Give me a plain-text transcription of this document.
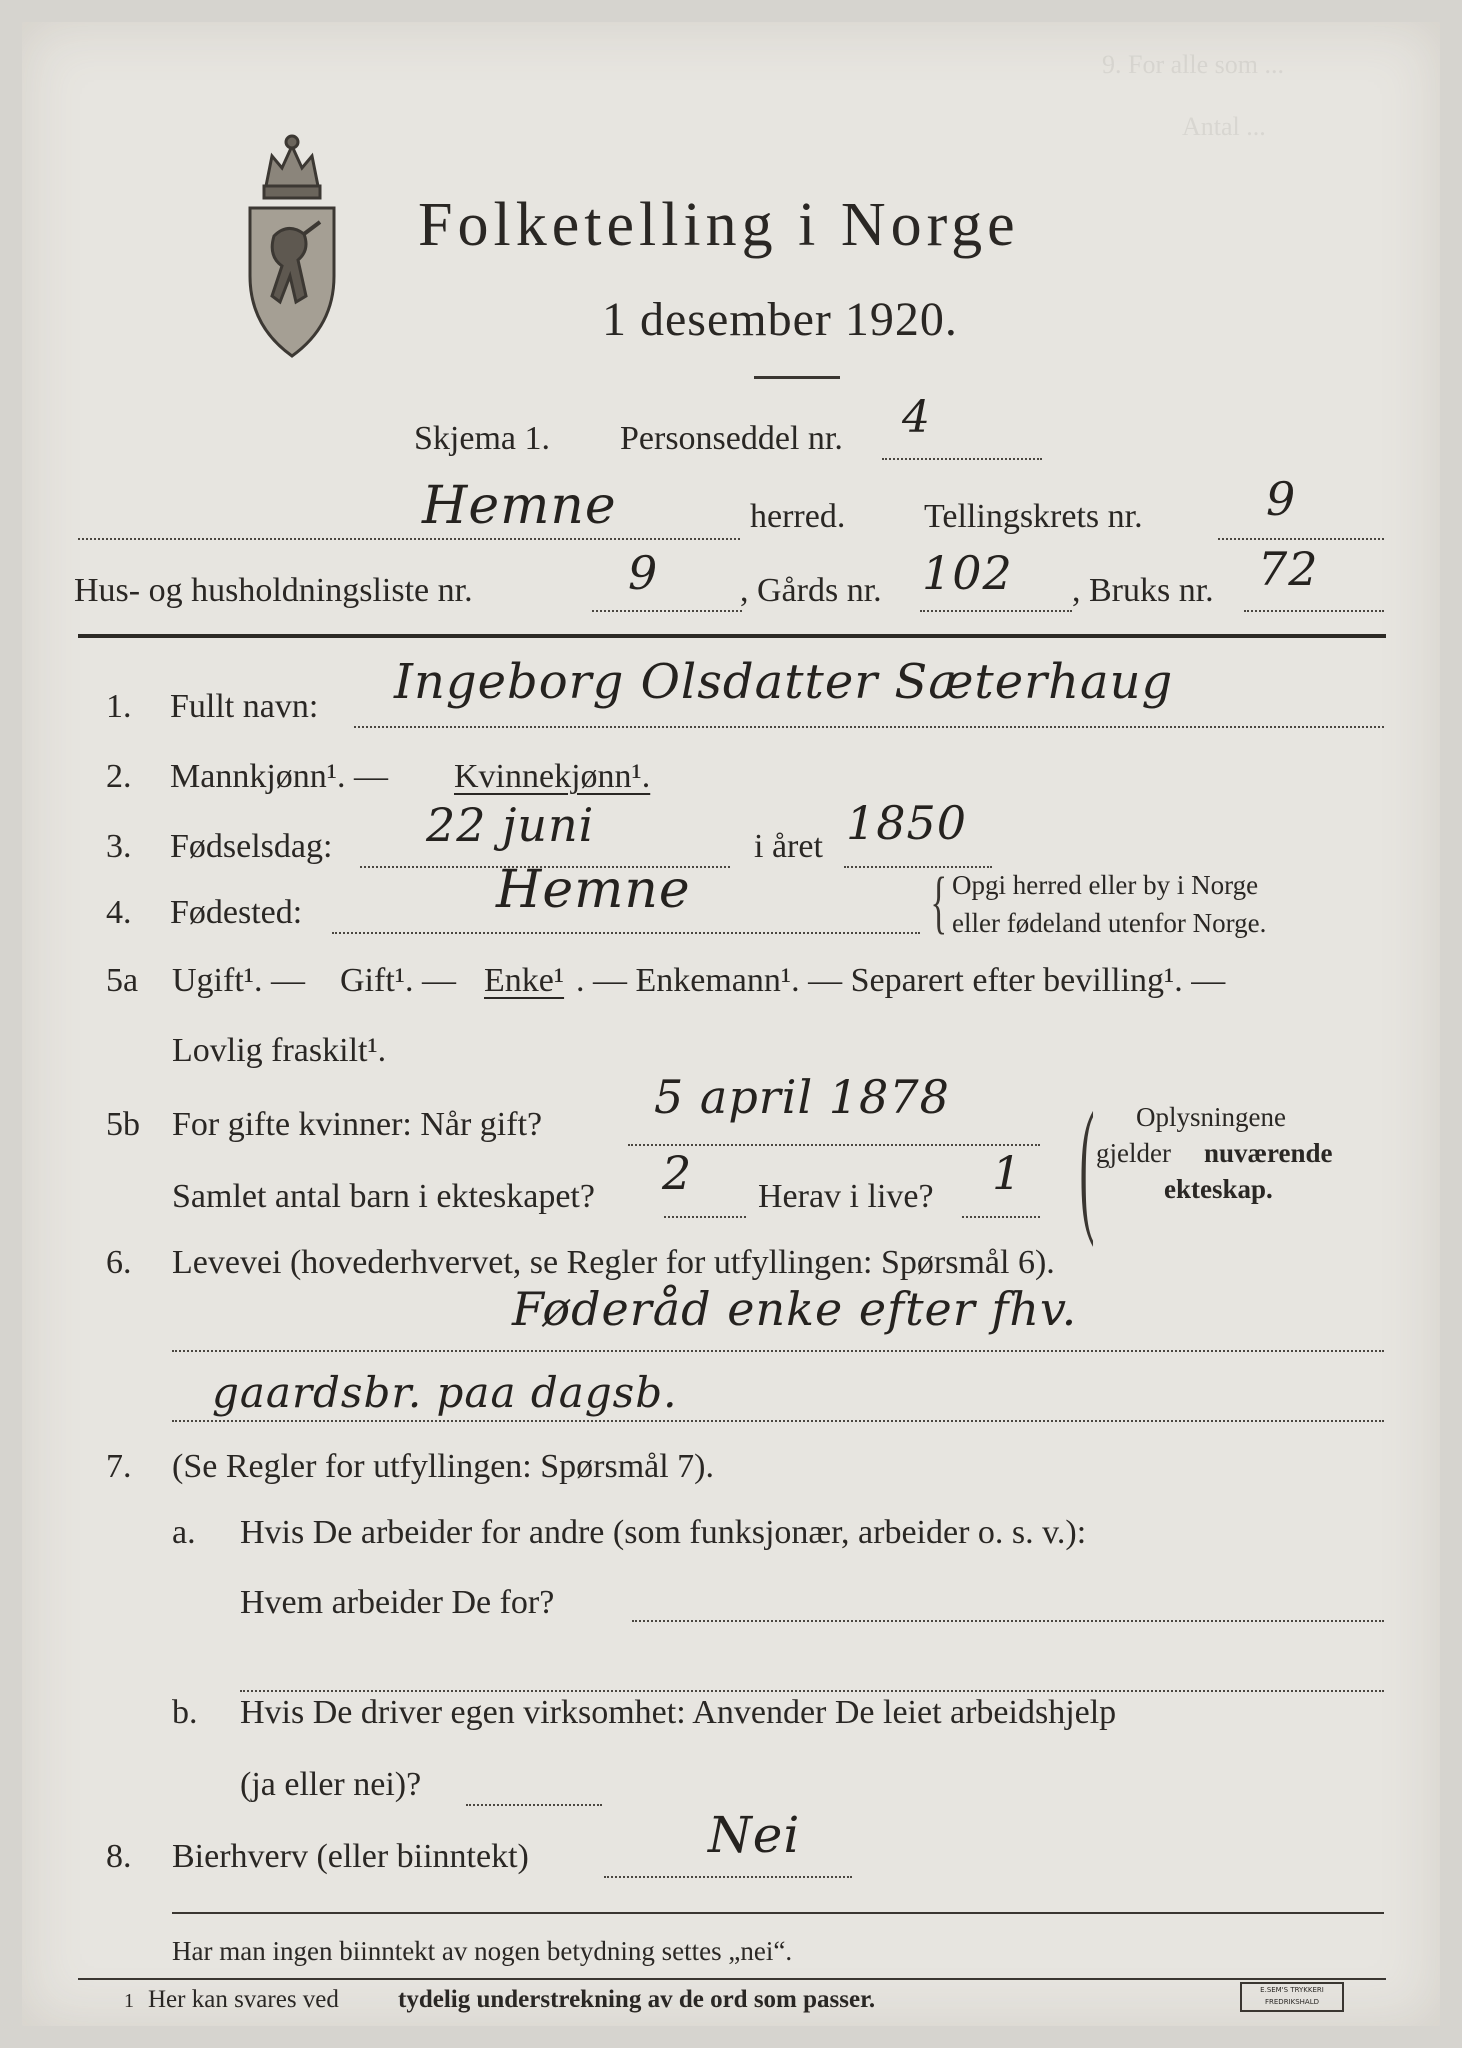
9. For alle som ...
Antal ...
Folketelling i Norge
1 desember 1920.
Skjema 1. Personseddel nr. 4
Hemne	herred. Tellingskrets nr.	9
Hus- og husholdningsliste nr.	9 , Gårds nr. 102 , Bruks nr. 72
1. Fullt navn: Ingeborg Olsdatter Sæterhaug
2. Mannkjønn¹. — Kvinnekjønn¹.
3. Fødselsdag: 22 juni	i året 1850
4. Fødested:	Hemne	{ Opgi herred eller by i Norge
eller fødeland utenfor Norge.
5a Ugift¹. — Gift¹. — Enke¹ . — Enkemann¹. — Separert efter bevilling¹. —
Lovlig fraskilt¹.
5b For gifte kvinner: Når gift?
5 april 1878
Samlet antal barn i ekteskapet? 2 Herav i live? 1 ( Oplysningene
gjelder nuværende
ekteskap.
6. Levevei (hovederhvervet, se Regler for utfyllingen: Spørsmål 6).
Føderåd enke efter fhv.
gaardsbr. paa dagsb.
7. (Se Regler for utfyllingen: Spørsmål 7).
a. Hvis De arbeider for andre (som funksjonær, arbeider o. s. v.):
Hvem arbeider De for?
b. Hvis De driver egen virksomhet: Anvender De leiet arbeidshjelp
(ja eller nei)?
8. Bierhverv (eller biinntekt)	Nei
Har man ingen biinntekt av nogen betydning settes „nei“.
1 Her kan svares ved tydelig understrekning av de ord som passer.	E.SEM'S TRYKKERI FREDRIKSHALD
